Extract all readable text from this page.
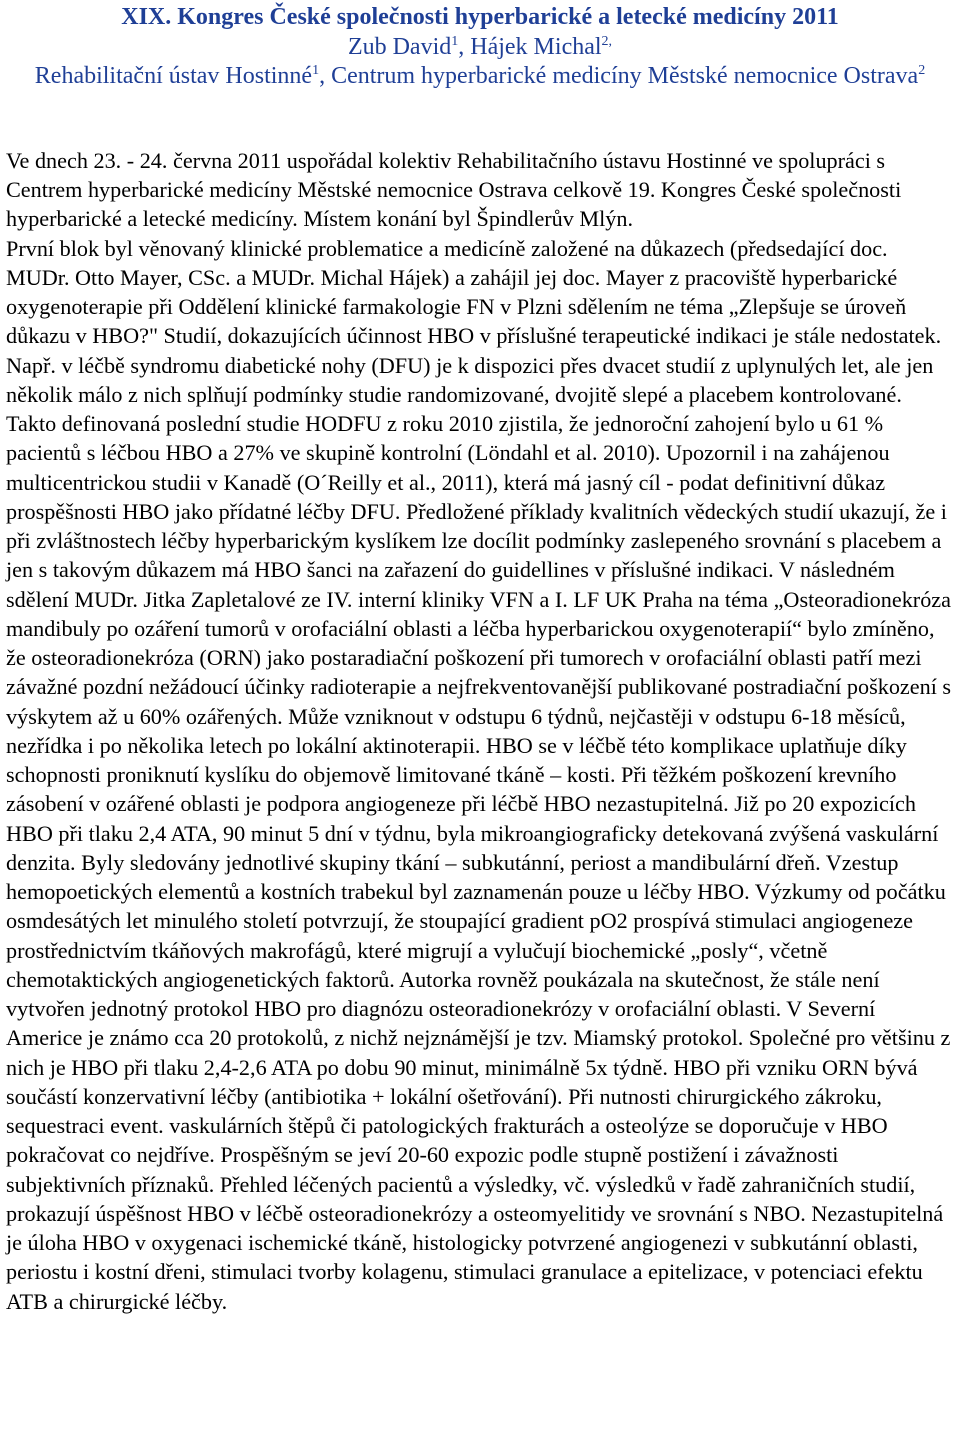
XIX. Kongres České společnosti hyperbarické a letecké medicíny 2011
Zub David$^1$, Hájek Michal$^{2,}$
Rehabilitační ústav Hostinné$^1$, Centrum hyperbarické medicíny Městské nemocnice Ostrava$^2$

Ve dnech 23. - 24. června 2011 uspořádal kolektiv Rehabilitačního ústavu Hostinné ve spolupráci s Centrem hyperbarické medicíny Městské nemocnice Ostrava celkově 19. Kongres České společnosti hyperbarické a letecké medicíny. Místem konání byl Špindlerův Mlýn.

První blok byl věnovaný klinické problematice a medicíně založené na důkazech (předsedající doc. MUDr. Otto Mayer, CSc. a MUDr. Michal Hájek) a zahájil jej doc. Mayer z pracoviště hyperbarické oxygenoterapie při Oddělení klinické farmakologie FN v Plzni sdělením ne téma „Zlepšuje se úroveň důkazu v HBO?" Studií, dokazujících účinnost HBO v příslušné terapeutické indikaci je stále nedostatek. Např. v léčbě syndromu diabetické nohy (DFU) je k dispozici přes dvacet studií z uplynulých let, ale jen několik málo z nich splňují podmínky studie randomizované, dvojitě slepé a placebem kontrolované. Takto definovaná poslední studie HODFU z roku 2010 zjistila, že jednoroční zahojení bylo u 61 % pacientů s léčbou HBO a 27% ve skupině kontrolní (Löndahl et al. 2010). Upozornil i na zahájenou multicentrickou studii v Kanadě (O´Reilly et al., 2011), která má jasný cíl - podat definitivní důkaz prospěšnosti HBO jako přídatné léčby DFU. Předložené příklady kvalitních vědeckých studií ukazují, že i při zvláštnostech léčby hyperbarickým kyslíkem lze docílit podmínky zaslepeného srovnání s placebem a jen s takovým důkazem má HBO šanci na zařazení do guidellines v příslušné indikaci. V následném sdělení MUDr. Jitka Zapletalové ze IV. interní kliniky VFN a I. LF UK Praha na téma „Osteoradionekróza mandibuly po ozáření tumorů v orofaciální oblasti a léčba hyperbarickou oxygenoterapií“ bylo zmíněno, že osteoradionekróza (ORN) jako postaradiační poškození při tumorech v orofaciální oblasti patří mezi závažné pozdní nežádoucí účinky radioterapie a nejfrekventovanější publikované postradiační poškození s výskytem až u 60% ozářených. Může vzniknout v odstupu 6 týdnů, nejčastěji v odstupu 6-18 měsíců, nezřídka i po několika letech po lokální aktinoterapii. HBO se v léčbě této komplikace uplatňuje díky schopnosti proniknutí kyslíku do objemově limitované tkáně – kosti. Při těžkém poškození krevního zásobení v ozářené oblasti je podpora angiogeneze při léčbě HBO nezastupitelná. Již po 20 expozicích HBO při tlaku 2,4 ATA, 90 minut 5 dní v týdnu, byla mikroangiograficky detekovaná zvýšená vaskulární denzita. Byly sledovány jednotlivé skupiny tkání – subkutánní, periost a mandibulární dřeň. Vzestup hemopoetických elementů a kostních trabekul byl zaznamenán pouze u léčby HBO. Výzkumy od počátku osmdesátých let minulého století potvrzují, že stoupající gradient pO2 prospívá stimulaci angiogeneze prostřednictvím tkáňových makrofágů, které migrují a vylučují biochemické „posly“, včetně chemotaktických angiogenetických faktorů. Autorka rovněž poukázala na skutečnost, že stále není vytvořen jednotný protokol HBO pro diagnózu osteoradionekrózy v orofaciální oblasti. V Severní Americe je známo cca 20 protokolů, z nichž nejznámější je tzv. Miamský protokol. Společné pro většinu z nich je HBO při tlaku 2,4-2,6 ATA po dobu 90 minut, minimálně 5x týdně. HBO při vzniku ORN bývá součástí konzervativní léčby (antibiotika + lokální ošetřování). Při nutnosti chirurgického zákroku, sequestraci event. vaskulárních štěpů či patologických frakturách a osteolýze se doporučuje v HBO pokračovat co nejdříve. Prospěšným se jeví 20-60 expozic podle stupně postižení i závažnosti subjektivních příznaků. Přehled léčených pacientů a výsledky, vč. výsledků v řadě zahraničních studií, prokazují úspěšnost HBO v léčbě osteoradionekrózy a osteomyelitidy ve srovnání s NBO. Nezastupitelná je úloha HBO v oxygenaci ischemické tkáně, histologicky potvrzené angiogenezi v subkutánní oblasti, periostu i kostní dřeni, stimulaci tvorby kolagenu, stimulaci granulace a epitelizace, v potenciaci efektu ATB a chirurgické léčby.
